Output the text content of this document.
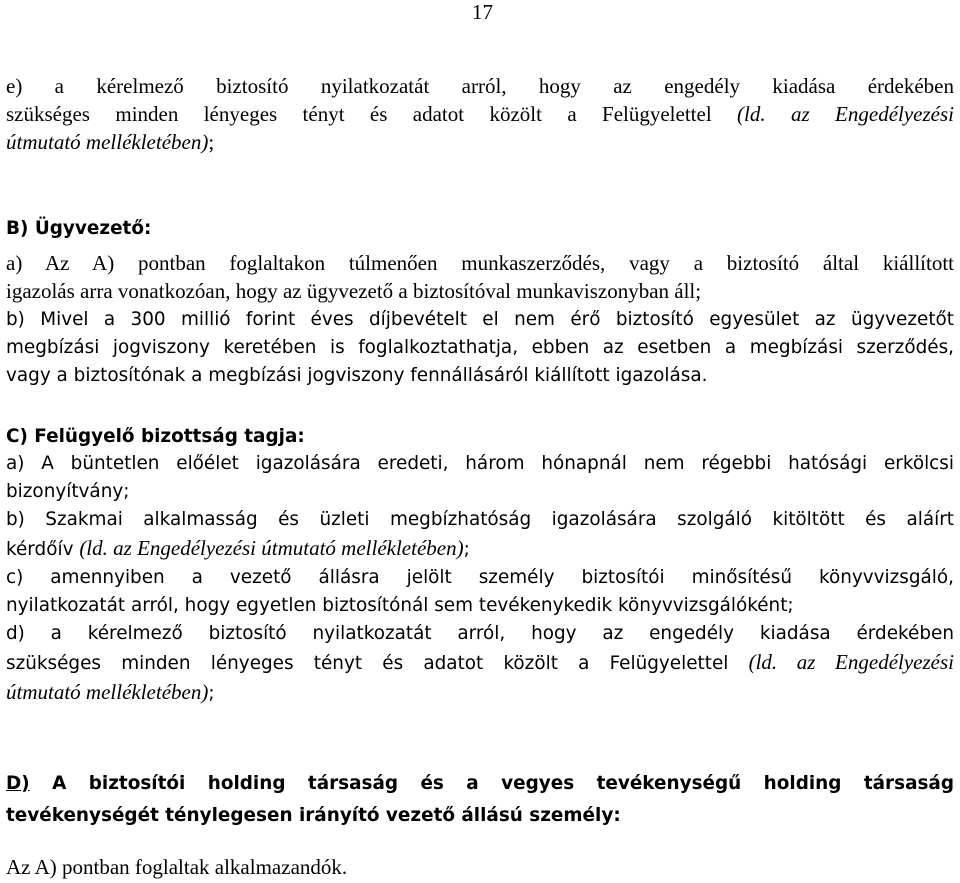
17
e) a kérelmező biztosító nyilatkozatát arról, hogy az engedély kiadása érdekében
szükséges minden lényeges tényt és adatot közölt a Felügyelettel (ld. az Engedélyezési
útmutató mellékletében);
B) Ügyvezető:
a) Az A) pontban foglaltakon túlmenően munkaszerződés, vagy a biztosító által kiállított
igazolás arra vonatkozóan, hogy az ügyvezető a biztosítóval munkaviszonyban áll;
b) Mivel a 300 millió forint éves díjbevételt el nem érő biztosító egyesület az ügyvezetőt
megbízási jogviszony keretében is foglalkoztathatja, ebben az esetben a megbízási szerződés,
vagy a biztosítónak a megbízási jogviszony fennállásáról kiállított igazolása.
C) Felügyelő bizottság tagja:
a) A büntetlen előélet igazolására eredeti, három hónapnál nem régebbi hatósági erkölcsi
bizonyítvány;
b) Szakmai alkalmasság és üzleti megbízhatóság igazolására szolgáló kitöltött és aláírt
kérdőív (ld. az Engedélyezési útmutató mellékletében);
c) amennyiben a vezető állásra jelölt személy biztosítói minősítésű könyvvizsgáló,
nyilatkozatát arról, hogy egyetlen biztosítónál sem tevékenykedik könyvvizsgálóként;
d) a kérelmező biztosító nyilatkozatát arról, hogy az engedély kiadása érdekében
szükséges minden lényeges tényt és adatot közölt a Felügyelettel (ld. az Engedélyezési
útmutató mellékletében);
D) A biztosítói holding társaság és a vegyes tevékenységű holding társaság
tevékenységét ténylegesen irányító vezető állású személy:
Az A) pontban foglaltak alkalmazandók.
